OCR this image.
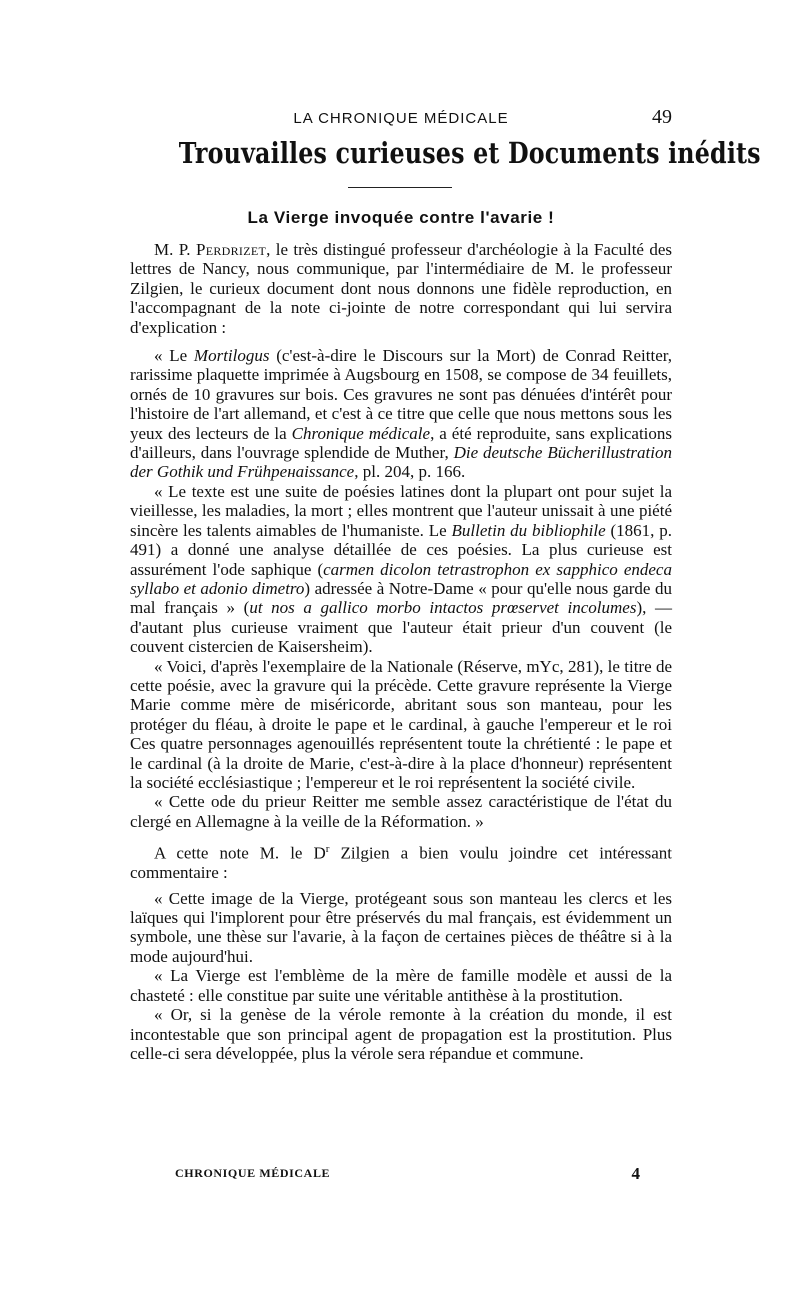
LA CHRONIQUE MÉDICALE	49
Trouvailles curieuses et Documents inédits
La Vierge invoquée contre l'avarie !

M. P. Perdrizet, le très distingué professeur d'archéologie à la Faculté des lettres de Nancy, nous communique, par l'intermédiaire de M. le professeur Zilgien, le curieux document dont nous donnons une fidèle reproduction, en l'accompagnant de la note ci-jointe de notre correspondant qui lui servira d'explication :

« Le Mortilogus (c'est-à-dire le Discours sur la Mort) de Conrad Reitter, rarissime plaquette imprimée à Augsbourg en 1508, se compose de 34 feuillets, ornés de 10 gravures sur bois. Ces gravures ne sont pas dénuées d'intérêt pour l'histoire de l'art allemand, et c'est à ce titre que celle que nous mettons sous les yeux des lecteurs de la Chronique médicale, a été reproduite, sans explications d'ailleurs, dans l'ouvrage splendide de Muther, Die deutsche Bücherillustration der Gothik und Frühренaissance, pl. 204, p. 166.

« Le texte est une suite de poésies latines dont la plupart ont pour sujet la vieillesse, les maladies, la mort ; elles montrent que l'auteur unissait à une piété sincère les talents aimables de l'humaniste. Le Bulletin du bibliophile (1861, p. 491) a donné une analyse détaillée de ces poésies. La plus curieuse est assurément l'ode saphique (carmen dicolon tetrastrophon ex sapphico endeca syllabo et adonio dimetro) adressée à Notre-Dame « pour qu'elle nous garde du mal français » (ut nos a gallico morbo intactos prœservet incolumes), — d'autant plus curieuse vraiment que l'auteur était prieur d'un couvent (le couvent cistercien de Kaisersheim).

« Voici, d'après l'exemplaire de la Nationale (Réserve, mYc, 281), le titre de cette poésie, avec la gravure qui la précède. Cette gravure représente la Vierge Marie comme mère de miséricorde, abritant sous son manteau, pour les protéger du fléau, à droite le pape et le cardinal, à gauche l'empereur et le roi Ces quatre personnages agenouillés représentent toute la chrétienté : le pape et le cardinal (à la droite de Marie, c'est-à-dire à la place d'honneur) représentent la société ecclésiastique ; l'empereur et le roi représentent la société civile.

« Cette ode du prieur Reitter me semble assez caractéristique de l'état du clergé en Allemagne à la veille de la Réformation. »

A cette note M. le $D^r$ Zilgien a bien voulu joindre cet intéressant commentaire :

« Cette image de la Vierge, protégeant sous son manteau les clercs et les laïques qui l'implorent pour être préservés du mal français, est évidemment un symbole, une thèse sur l'avarie, à la façon de certaines pièces de théâtre si à la mode aujourd'hui.

« La Vierge est l'emblème de la mère de famille modèle et aussi de la chasteté : elle constitue par suite une véritable antithèse à la prostitution.

« Or, si la genèse de la vérole remonte à la création du monde, il est incontestable que son principal agent de propagation est la prostitution. Plus celle-ci sera développée, plus la vérole sera répandue et commune.

CHRONIQUE MÉDICALE	4
